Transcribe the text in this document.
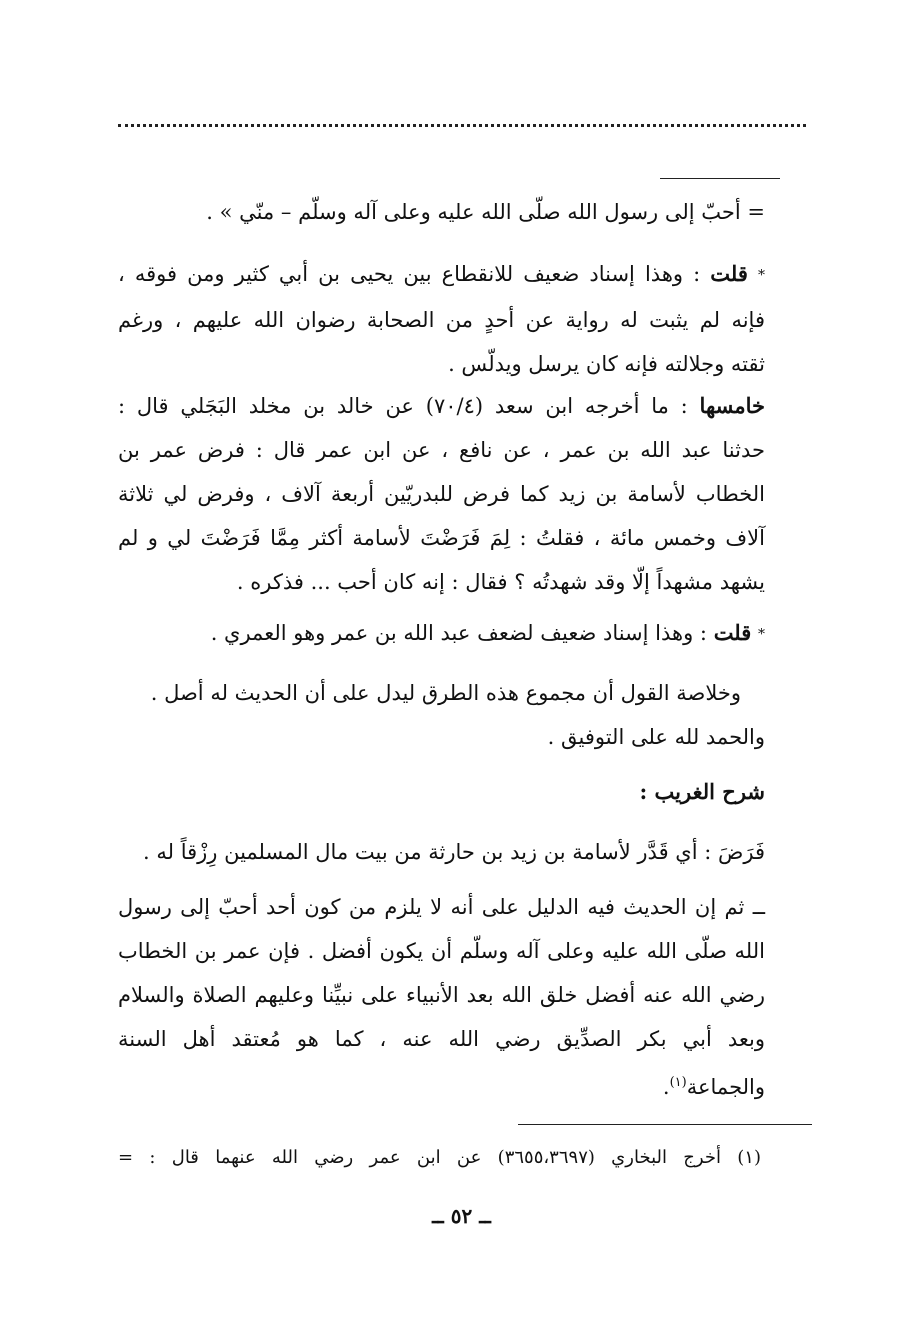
= أحبّ إلى رسول الله صلّى الله عليه وعلى آله وسلّم – منّي » .
* قلت : وهذا إسناد ضعيف للانقطاع بين يحيى بن أبي كثير ومن فوقه ،
فإنه لم يثبت له رواية عن أحدٍ من الصحابة رضوان الله عليهم ، ورغم
ثقته وجلالته فإنه كان يرسل ويدلّس .
خامسها : ما أخرجه ابن سعد (٧٠/٤) عن خالد بن مخلد البَجَلي قال :
حدثنا عبد الله بن عمر ، عن نافع ، عن ابن عمر قال : فرض عمر بن
الخطاب لأسامة بن زيد كما فرض للبدريّين أربعة آلاف ، وفرض لي ثلاثة
آلاف وخمس مائة ، فقلتُ : لِمَ فَرَضْتَ لأسامة أكثر مِمَّا فَرَضْتَ لي و لم
يشهد مشهداً إلّا وقد شهدتُه ؟ فقال : إنه كان أحب ... فذكره .
* قلت : وهذا إسناد ضعيف لضعف عبد الله بن عمر وهو العمري .
وخلاصة القول أن مجموع هذه الطرق ليدل على أن الحديث له أصل .
والحمد لله على التوفيق .
شرح الغريب :
فَرَضَ : أي قَدَّر لأسامة بن زيد بن حارثة من بيت مال المسلمين رِزْقاً له .
ــ ثم إن الحديث فيه الدليل على أنه لا يلزم من كون أحد أحبّ إلى رسول
الله صلّى الله عليه وعلى آله وسلّم أن يكون أفضل . فإن عمر بن الخطاب
رضي الله عنه أفضل خلق الله بعد الأنبياء على نبيِّنا وعليهم الصلاة والسلام
وبعد أبي بكر الصدِّيق رضي الله عنه ، كما هو مُعتقد أهل السنة
والجماعة$^{(١)}$.
(١) أخرج البخاري (٣٦٥٥،٣٦٩٧) عن ابن عمر رضي الله عنهما قال : =
ــ ٥٢ ــ
